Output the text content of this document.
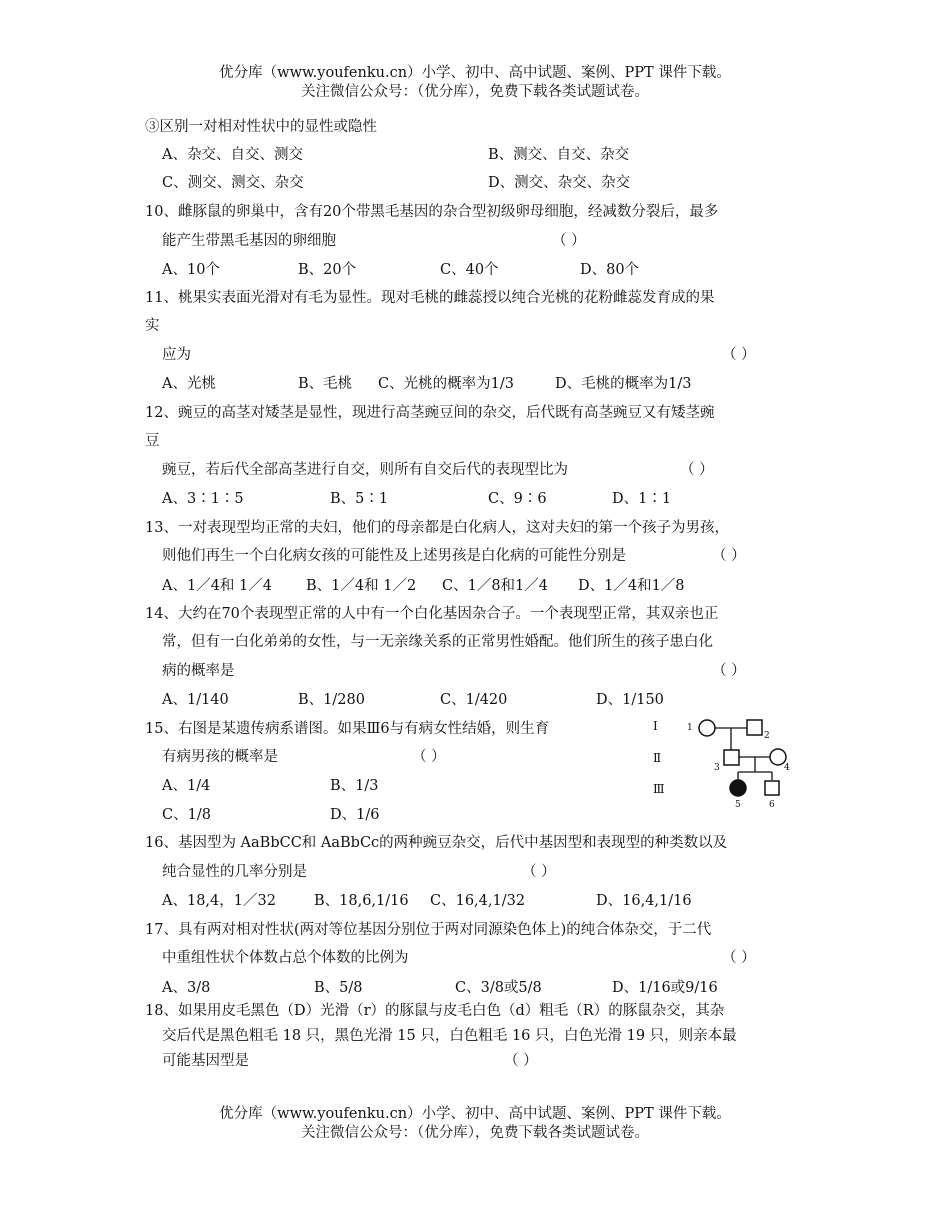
优分库（www.youfenku.cn）小学、初中、高中试题、案例、PPT 课件下载。
关注微信公众号：（优分库），免费下载各类试题试卷。
③区别一对相对性状中的显性或隐性
A、杂交、自交、测交	B、测交、自交、杂交
C、测交、测交、杂交	D、测交、杂交、杂交
10、雌豚鼠的卵巢中，含有20个带黑毛基因的杂合型初级卵母细胞，经减数分裂后，最多
能产生带黑毛基因的卵细胞	（ ）
A、10个	B、20个	C、40个	D、80个
11、桃果实表面光滑对有毛为显性。现对毛桃的雌蕊授以纯合光桃的花粉雌蕊发育成的果
实
应为	（ ）
A、光桃	B、毛桃 C、光桃的概率为1/3	D、毛桃的概率为1/3
12、豌豆的高茎对矮茎是显性，现进行高茎豌豆间的杂交，后代既有高茎豌豆又有矮茎豌
豆
豌豆，若后代全部高茎进行自交，则所有自交后代的表现型比为	（ ）
A、3∶1∶5	B、5∶1	C、9∶6	D、1∶1
13、一对表现型均正常的夫妇，他们的母亲都是白化病人，这对夫妇的第一个孩子为男孩，
则他们再生一个白化病女孩的可能性及上述男孩是白化病的可能性分别是	（ ）
A、1／4和 1／4 B、1／4和 1／2 C、1／8和1／4 D、1／4和1／8
14、大约在70个表现型正常的人中有一个白化基因杂合子。一个表现型正常，其双亲也正
常，但有一白化弟弟的女性，与一无亲缘关系的正常男性婚配。他们所生的孩子患白化
病的概率是	（ ）
A、1/140	B、1/280	C、1/420	D、1/150
15、右图是某遗传病系谱图。如果Ⅲ6与有病女性结婚，则生育
有病男孩的概率是	（ ）
A、1/4	B、1/3
C、1/8	D、1/6
Ⅰ
Ⅱ
Ⅲ
1
2
3	4
5	6
16、基因型为 AaBbCC和 AaBbCc的两种豌豆杂交，后代中基因型和表现型的种类数以及
纯合显性的几率分别是	（ ）
A、18,4，1／32	B、18,6,1/16 C、16,4,1/32	D、16,4,1/16
17、具有两对相对性状(两对等位基因分别位于两对同源染色体上)的纯合体杂交，于二代
中重组性状个体数占总个体数的比例为	（ ）
A、3/8	B、5/8	C、3/8或5/8	D、1/16或9/16
18、如果用皮毛黑色（D）光滑（r）的豚鼠与皮毛白色（d）粗毛（R）的豚鼠杂交，其杂
交后代是黑色粗毛 18 只，黑色光滑 15 只，白色粗毛 16 只，白色光滑 19 只，则亲本最
可能基因型是	（ ）
优分库（www.youfenku.cn）小学、初中、高中试题、案例、PPT 课件下载。
关注微信公众号：（优分库），免费下载各类试题试卷。
